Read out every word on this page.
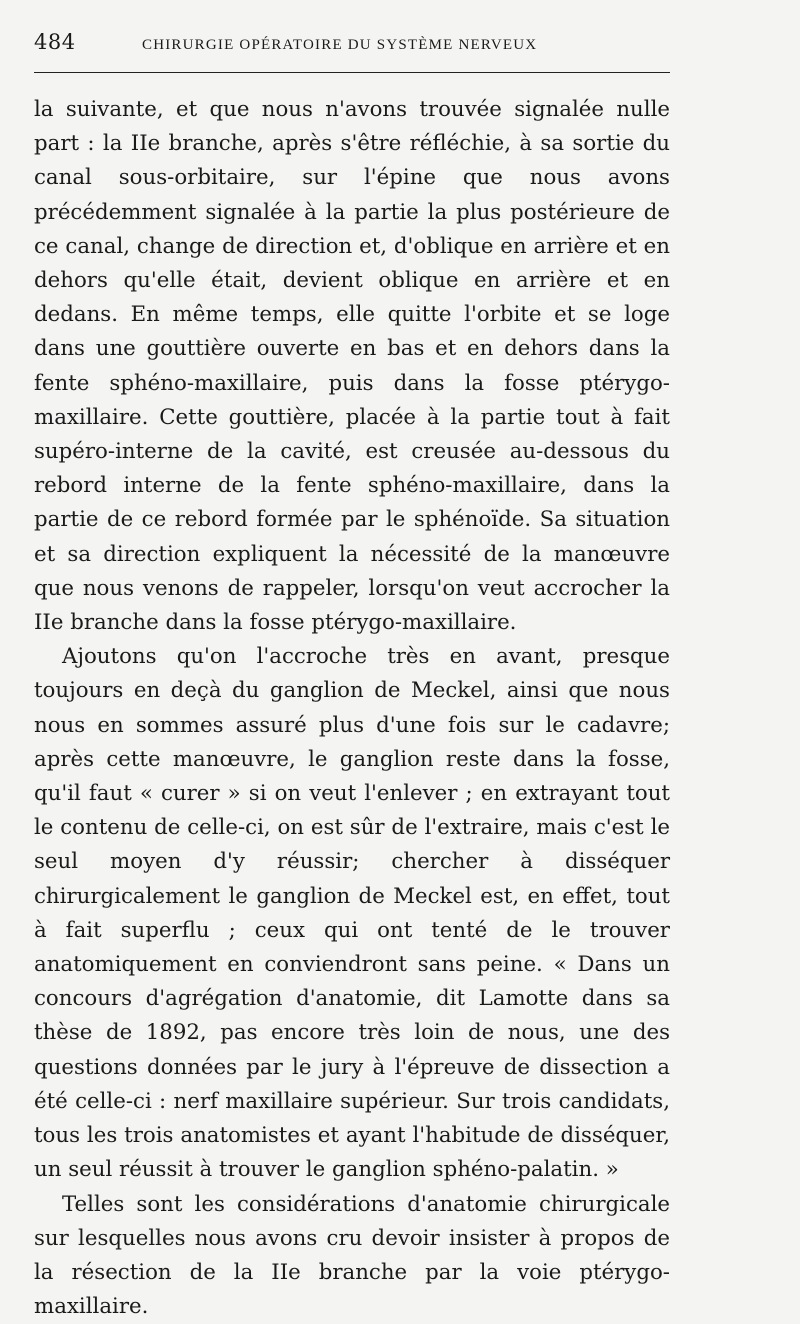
484	CHIRURGIE OPÉRATOIRE DU SYSTÈME NERVEUX

la suivante, et que nous n'avons trouvée signalée nulle part : la IIe branche, après s'être réfléchie, à sa sortie du canal sous-orbitaire, sur l'épine que nous avons précédemment signalée à la partie la plus postérieure de ce canal, change de direction et, d'oblique en arrière et en dehors qu'elle était, devient oblique en arrière et en dedans. En même temps, elle quitte l'orbite et se loge dans une gouttière ouverte en bas et en dehors dans la fente sphéno-maxillaire, puis dans la fosse ptérygo-maxillaire. Cette gouttière, placée à la partie tout à fait supéro-interne de la cavité, est creusée au-dessous du rebord interne de la fente sphéno-maxillaire, dans la partie de ce rebord formée par le sphénoïde. Sa situation et sa direction expliquent la nécessité de la manœuvre que nous venons de rappeler, lorsqu'on veut accrocher la IIe branche dans la fosse ptérygo-maxillaire.

Ajoutons qu'on l'accroche très en avant, presque toujours en deçà du ganglion de Meckel, ainsi que nous nous en sommes assuré plus d'une fois sur le cadavre; après cette manœuvre, le ganglion reste dans la fosse, qu'il faut « curer » si on veut l'enlever ; en extrayant tout le contenu de celle-ci, on est sûr de l'extraire, mais c'est le seul moyen d'y réussir; chercher à disséquer chirurgicalement le ganglion de Meckel est, en effet, tout à fait superflu ; ceux qui ont tenté de le trouver anatomiquement en conviendront sans peine. « Dans un concours d'agrégation d'anatomie, dit Lamotte dans sa thèse de 1892, pas encore très loin de nous, une des questions données par le jury à l'épreuve de dissection a été celle-ci : nerf maxillaire supérieur. Sur trois candidats, tous les trois anatomistes et ayant l'habitude de disséquer, un seul réussit à trouver le ganglion sphéno-palatin. »

Telles sont les considérations d'anatomie chirurgicale sur lesquelles nous avons cru devoir insister à propos de la résection de la IIe branche par la voie ptérygo-maxillaire.
